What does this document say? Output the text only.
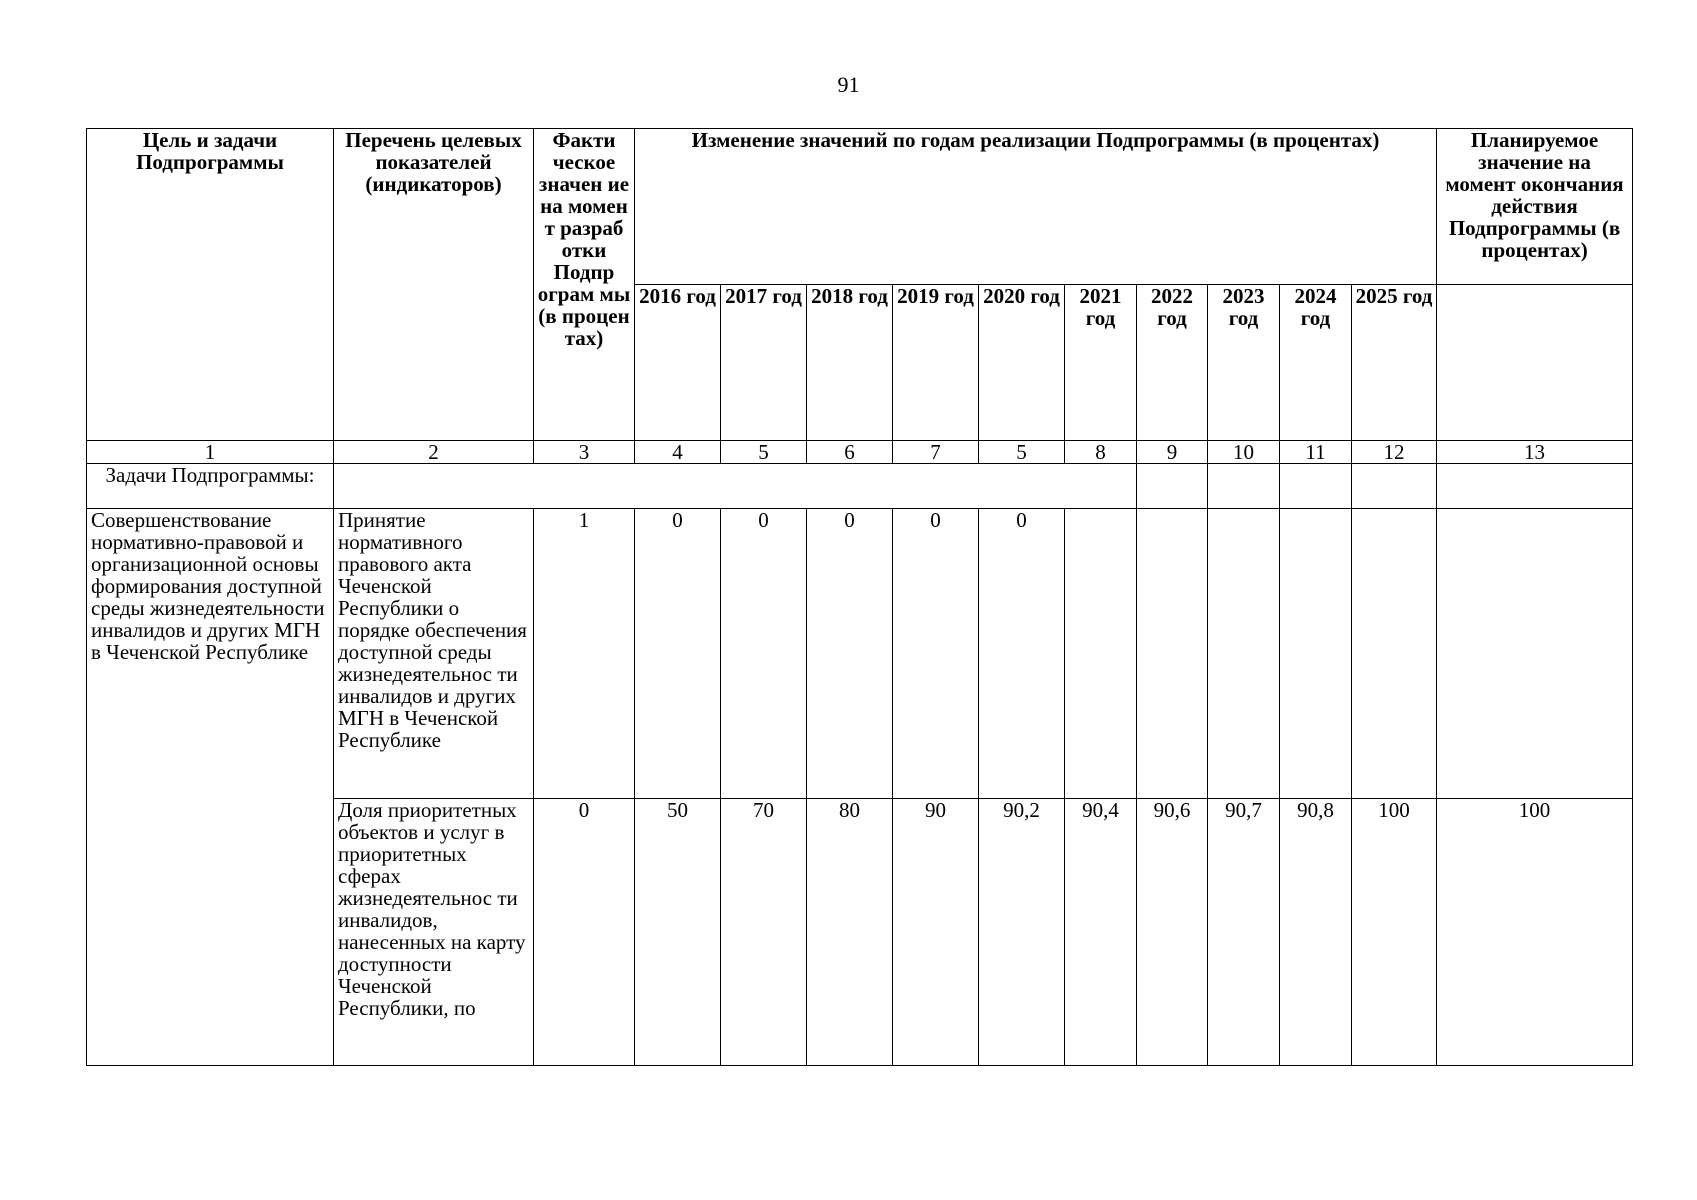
91
Цель и задачи Подпрограммы	Перечень целевых показателей (индикаторов)	Факти ческое значен ие на момен т разраб отки Подпр ограм мы (в процен тах)	Изменение значений по годам реализации Подпрограммы (в процентах)										Планируемое значение на момент окончания действия Подпрограммы (в процентах)
			2016 год	2017 год	2018 год	2019 год	2020 год	2021 год	2022 год	2023 год	2024 год	2025 год	
1	2	3	4	5	6	7	5	8	9	10	11	12	13
Задачи Подпрограммы:													
Совершенствование нормативно-правовой и организационной основы формирования доступной среды жизнедеятельности инвалидов и других МГН в Чеченской Республике	Принятие нормативного правового акта Чеченской Республики о порядке обеспечения доступной среды жизнедеятельнос ти инвалидов и других МГН в Чеченской Республике	1	0	0	0	0	0						
	Доля приоритетных объектов и услуг в приоритетных сферах жизнедеятельнос ти инвалидов, нанесенных на карту доступности Чеченской Республики, по	0	50	70	80	90	90,2	90,4	90,6	90,7	90,8	100	100
